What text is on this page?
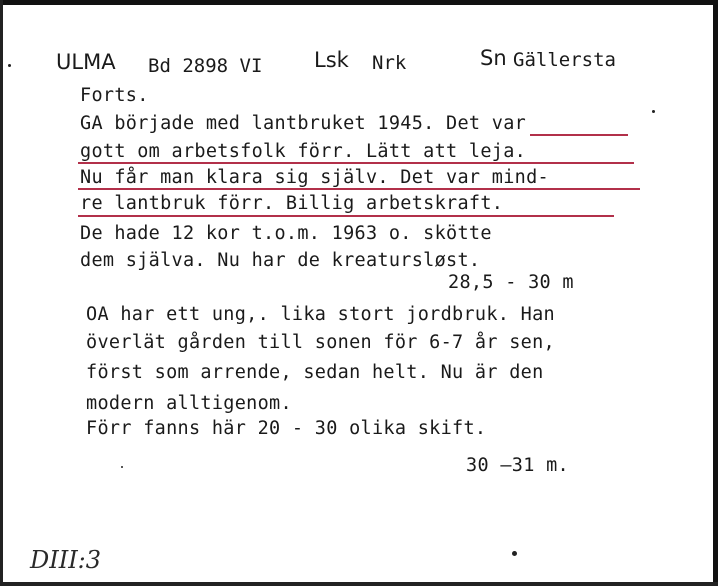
ULMA Bd 2898 VI Lsk Nrk	Sn Gällersta
Forts.
GA började med lantbruket 1945. Det var
gott om arbetsfolk förr. Lätt att leja.
Nu får man klara sig själv. Det var mind-
re lantbruk förr. Billig arbetskraft.
De hade 12 kor t.o.m. 1963 o. skötte
dem själva. Nu har de kreatursløst.
28,5 - 30 m
OA har ett ung,. lika stort jordbruk. Han
överlät gården till sonen för 6-7 år sen,
först som arrende, sedan helt. Nu är den
modern alltigenom.
Förr fanns här 20 - 30 olika skift.
30 —31 m.
DIII:3
